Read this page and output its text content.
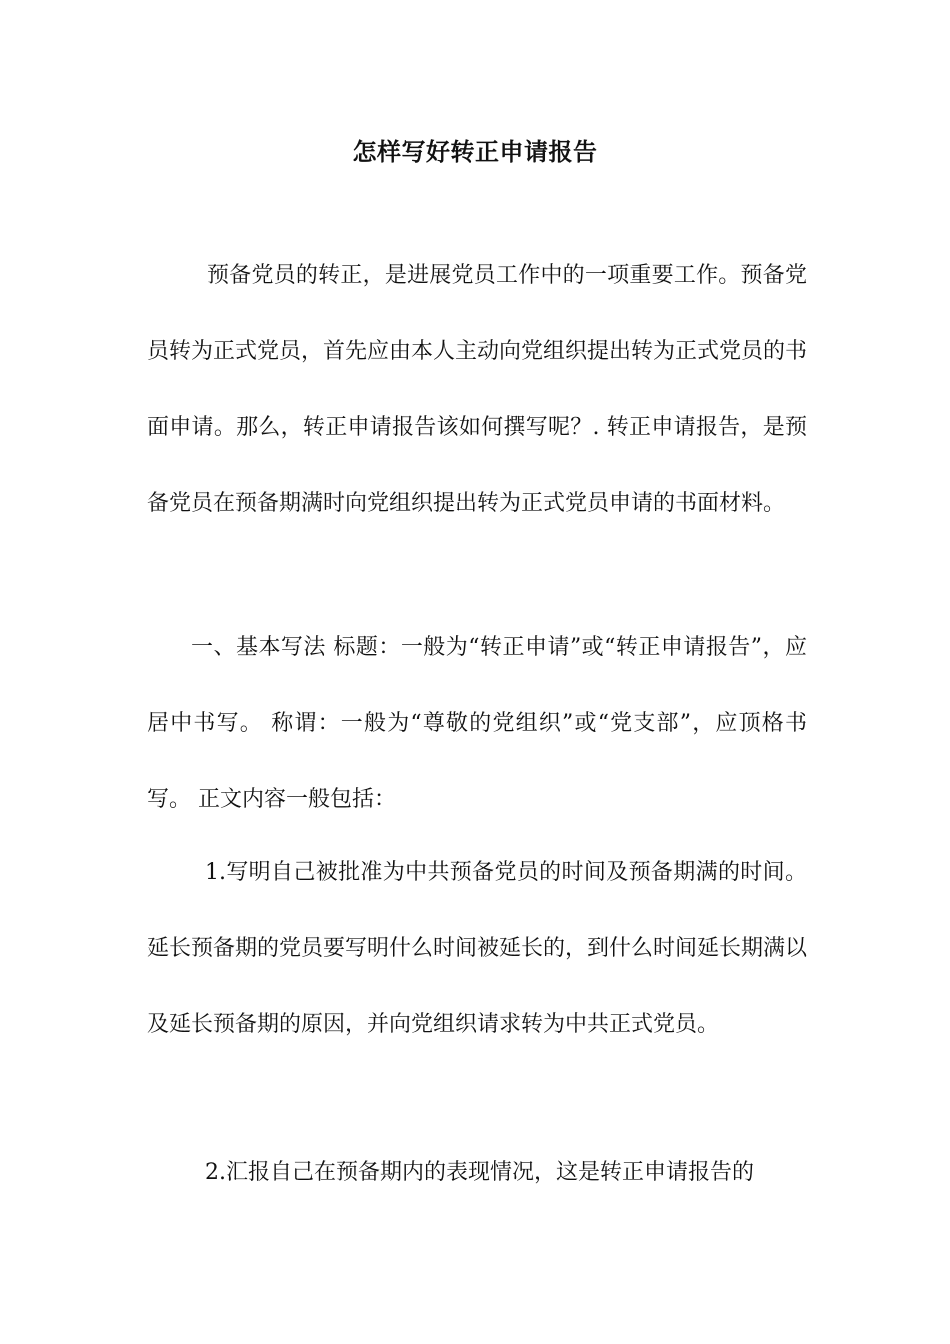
怎样写好转正申请报告
预备党员的转正，是进展党员工作中的一项重要工作。预备党员转为正式党员，首先应由本人主动向党组织提出转为正式党员的书面申请。那么，转正申请报告该如何撰写呢？. 转正申请报告，是预备党员在预备期满时向党组织提出转为正式党员申请的书面材料。
一、基本写法 标题：一般为“转正申请”或“转正申请报告”，应居中书写。 称谓：一般为“尊敬的党组织”或“党支部”，应顶格书写。 正文内容一般包括：
1.写明自己被批准为中共预备党员的时间及预备期满的时间。延长预备期的党员要写明什么时间被延长的，到什么时间延长期满以及延长预备期的原因，并向党组织请求转为中共正式党员。
2.汇报自己在预备期内的表现情况，这是转正申请报告的
